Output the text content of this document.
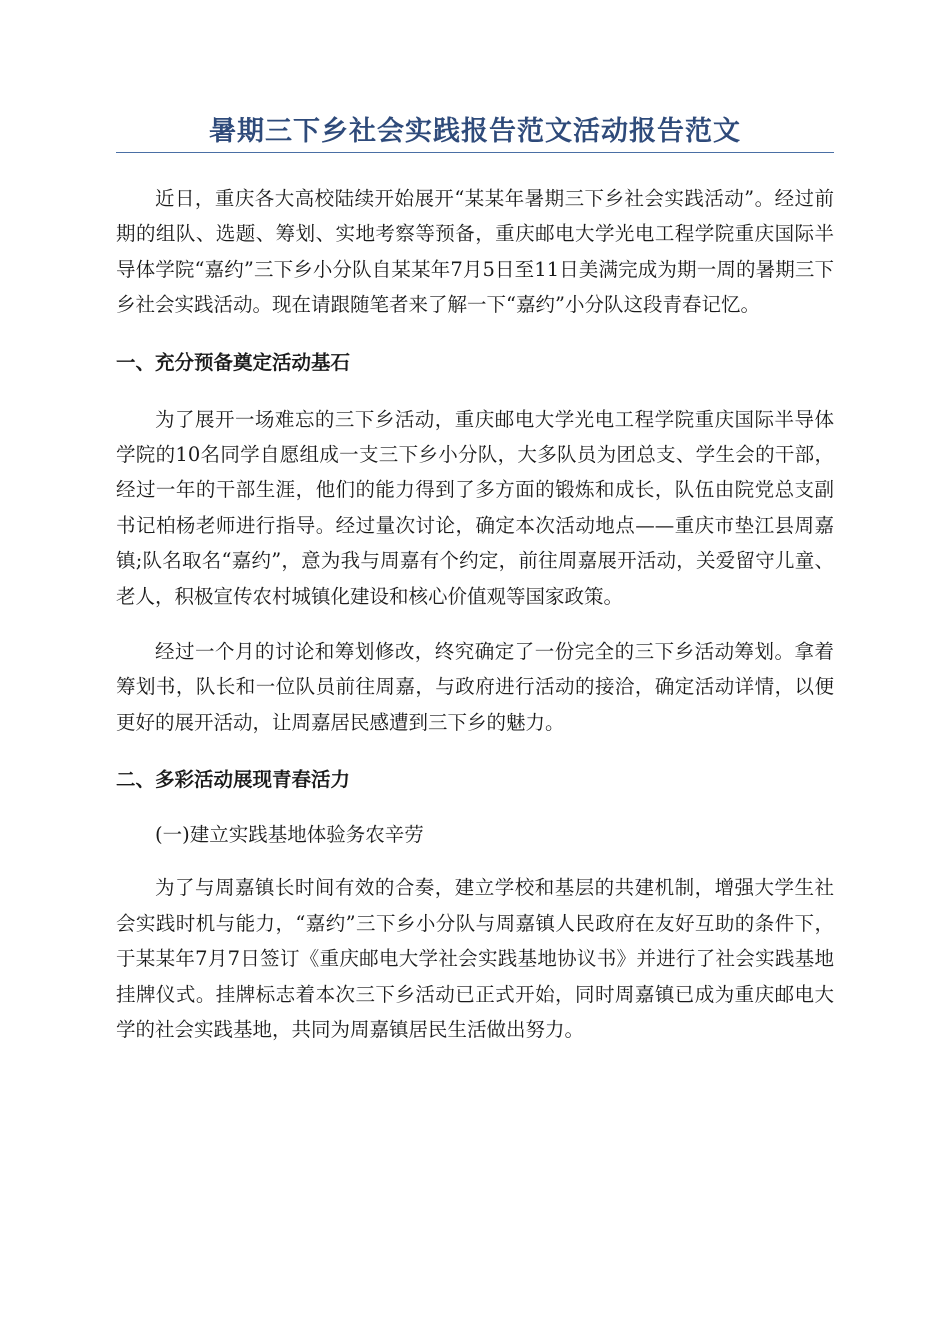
暑期三下乡社会实践报告范文活动报告范文

近日，重庆各大高校陆续开始展开“某某年暑期三下乡社会实践活动”。经过前期的组队、选题、筹划、实地考察等预备，重庆邮电大学光电工程学院重庆国际半导体学院“嘉约”三下乡小分队自某某年7月5日至11日美满完成为期一周的暑期三下乡社会实践活动。现在请跟随笔者来了解一下“嘉约”小分队这段青春记忆。

一、充分预备奠定活动基石

为了展开一场难忘的三下乡活动，重庆邮电大学光电工程学院重庆国际半导体学院的10名同学自愿组成一支三下乡小分队，大多队员为团总支、学生会的干部，经过一年的干部生涯，他们的能力得到了多方面的锻炼和成长，队伍由院党总支副书记柏杨老师进行指导。经过量次讨论，确定本次活动地点——重庆市垫江县周嘉镇;队名取名“嘉约”，意为我与周嘉有个约定，前往周嘉展开活动，关爱留守儿童、老人，积极宣传农村城镇化建设和核心价值观等国家政策。

经过一个月的讨论和筹划修改，终究确定了一份完全的三下乡活动筹划。拿着筹划书，队长和一位队员前往周嘉，与政府进行活动的接洽，确定活动详情，以便更好的展开活动，让周嘉居民感遭到三下乡的魅力。

二、多彩活动展现青春活力

(一)建立实践基地体验务农辛劳

为了与周嘉镇长时间有效的合奏，建立学校和基层的共建机制，增强大学生社会实践时机与能力，“嘉约”三下乡小分队与周嘉镇人民政府在友好互助的条件下，于某某年7月7日签订《重庆邮电大学社会实践基地协议书》并进行了社会实践基地挂牌仪式。挂牌标志着本次三下乡活动已正式开始，同时周嘉镇已成为重庆邮电大学的社会实践基地，共同为周嘉镇居民生活做出努力。
